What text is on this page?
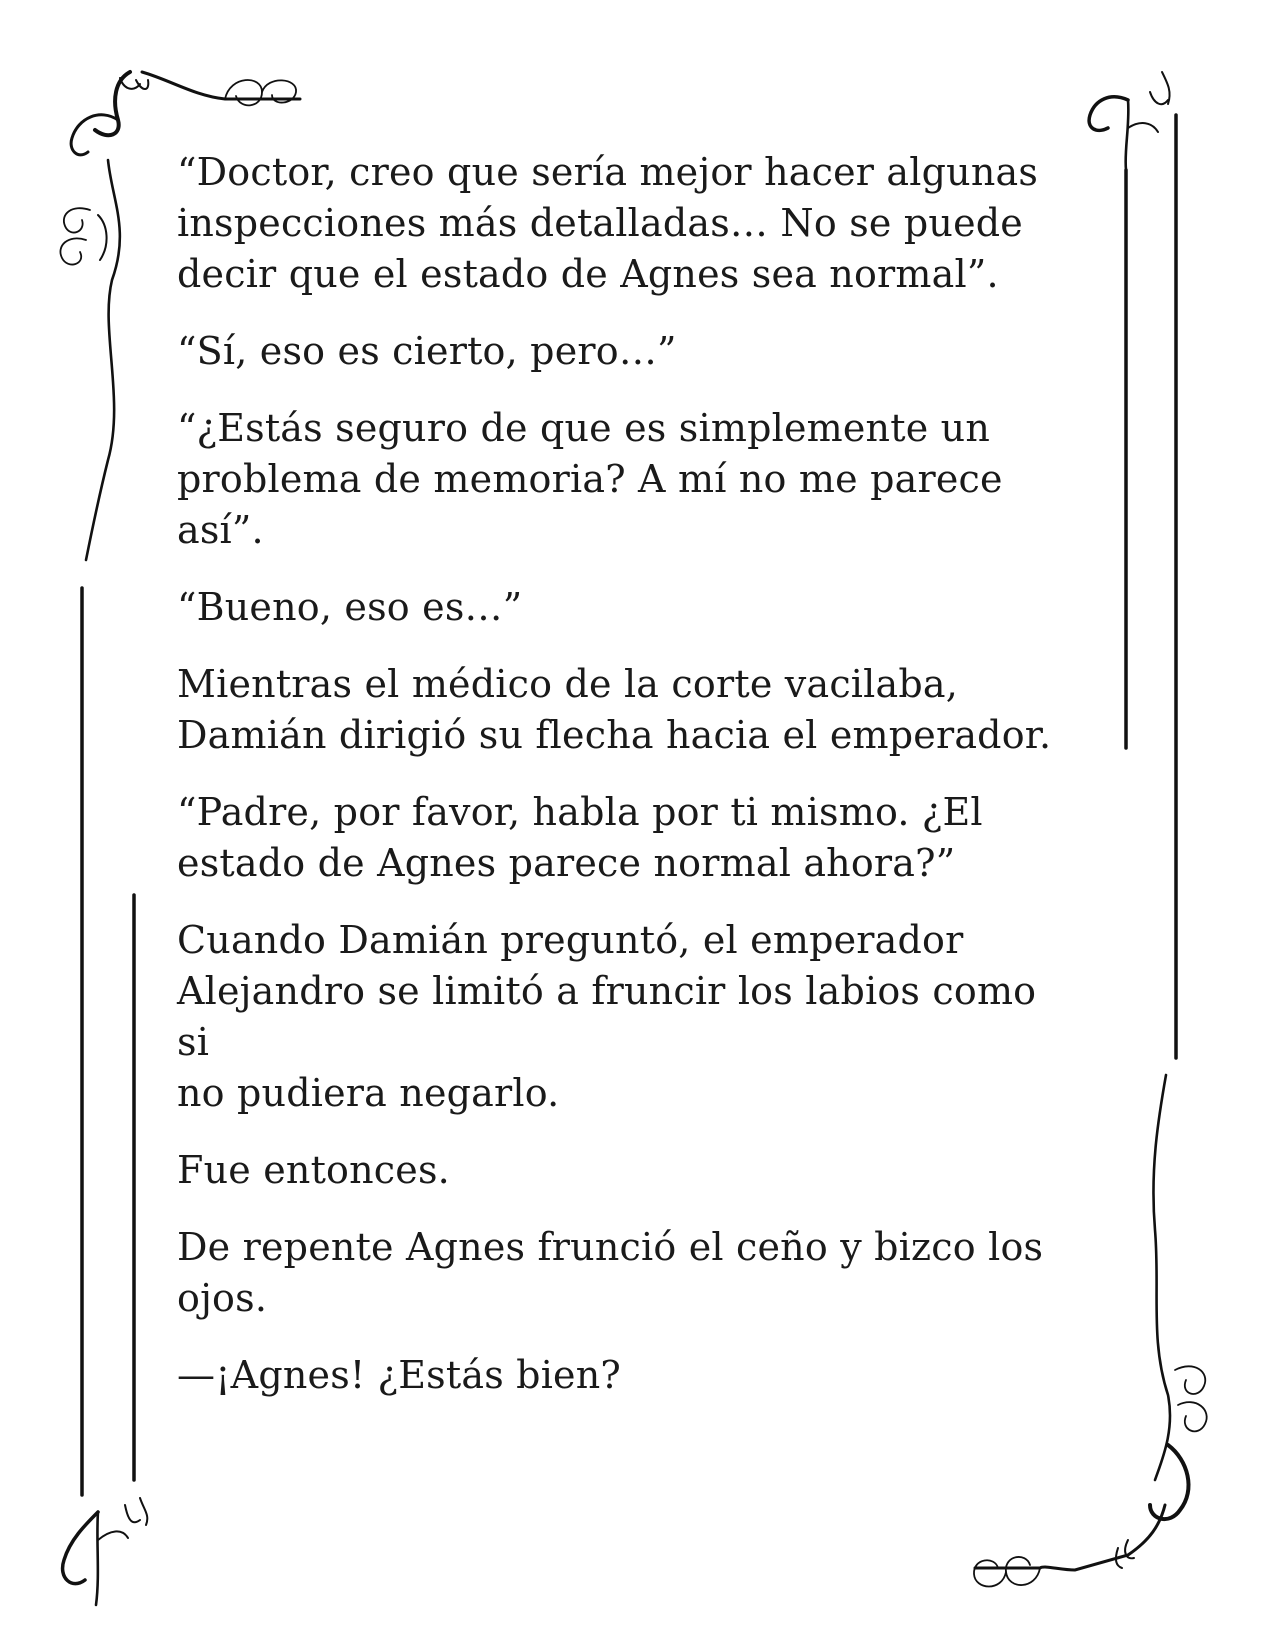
“Doctor, creo que sería mejor hacer algunas
inspecciones más detalladas… No se puede
decir que el estado de Agnes sea normal”.

“Sí, eso es cierto, pero…”

“¿Estás seguro de que es simplemente un
problema de memoria? A mí no me parece así”.

“Bueno, eso es…”

Mientras el médico de la corte vacilaba,
Damián dirigió su flecha hacia el emperador.

“Padre, por favor, habla por ti mismo. ¿El
estado de Agnes parece normal ahora?”

Cuando Damián preguntó, el emperador
Alejandro se limitó a fruncir los labios como si
no pudiera negarlo.

Fue entonces.

De repente Agnes frunció el ceño y bizco los
ojos.

—¡Agnes! ¿Estás bien?
